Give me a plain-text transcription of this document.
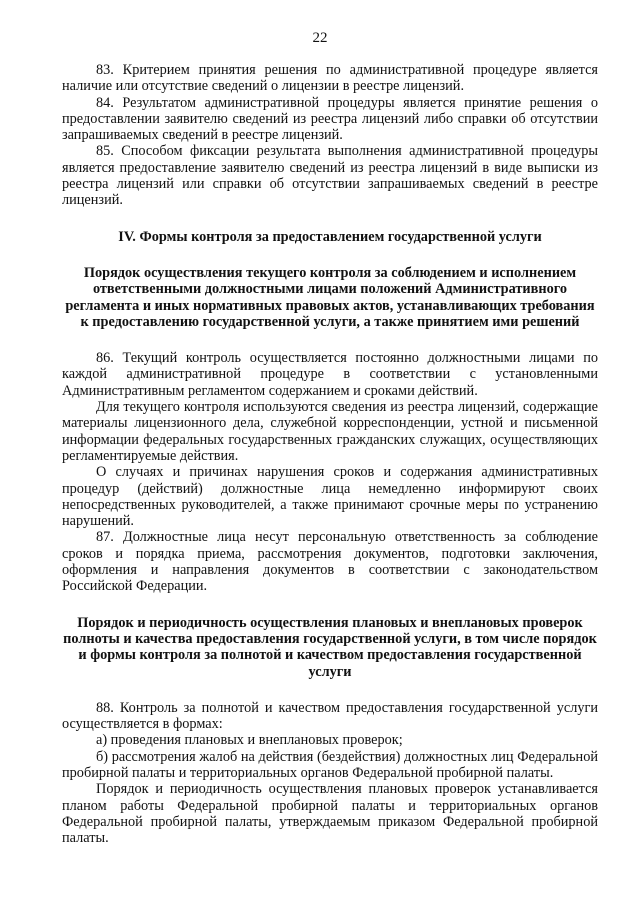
22

83. Критерием принятия решения по административной процедуре является наличие или отсутствие сведений о лицензии в реестре лицензий.

84. Результатом административной процедуры является принятие решения о предоставлении заявителю сведений из реестра лицензий либо справки об отсутствии запрашиваемых сведений в реестре лицензий.

85. Способом фиксации результата выполнения административной процедуры является предоставление заявителю сведений из реестра лицензий в виде выписки из реестра лицензий или справки об отсутствии запрашиваемых сведений в реестре лицензий.

IV. Формы контроля за предоставлением государственной услуги

Порядок осуществления текущего контроля за соблюдением и исполнением ответственными должностными лицами положений Административного регламента и иных нормативных правовых актов, устанавливающих требования к предоставлению государственной услуги, а также принятием ими решений

86. Текущий контроль осуществляется постоянно должностными лицами по каждой административной процедуре в соответствии с установленными Административным регламентом содержанием и сроками действий.

Для текущего контроля используются сведения из реестра лицензий, содержащие материалы лицензионного дела, служебной корреспонденции, устной и письменной информации федеральных государственных гражданских служащих, осуществляющих регламентируемые действия.

О случаях и причинах нарушения сроков и содержания административных процедур (действий) должностные лица немедленно информируют своих непосредственных руководителей, а также принимают срочные меры по устранению нарушений.

87. Должностные лица несут персональную ответственность за соблюдение сроков и порядка приема, рассмотрения документов, подготовки заключения, оформления и направления документов в соответствии с законодательством Российской Федерации.

Порядок и периодичность осуществления плановых и внеплановых проверок полноты и качества предоставления государственной услуги, в том числе порядок и формы контроля за полнотой и качеством предоставления государственной услуги

88. Контроль за полнотой и качеством предоставления государственной услуги осуществляется в формах:

а) проведения плановых и внеплановых проверок;

б) рассмотрения жалоб на действия (бездействия) должностных лиц Федеральной пробирной палаты и территориальных органов Федеральной пробирной палаты.

Порядок и периодичность осуществления плановых проверок устанавливается планом работы Федеральной пробирной палаты и территориальных органов Федеральной пробирной палаты, утверждаемым приказом Федеральной пробирной палаты.
